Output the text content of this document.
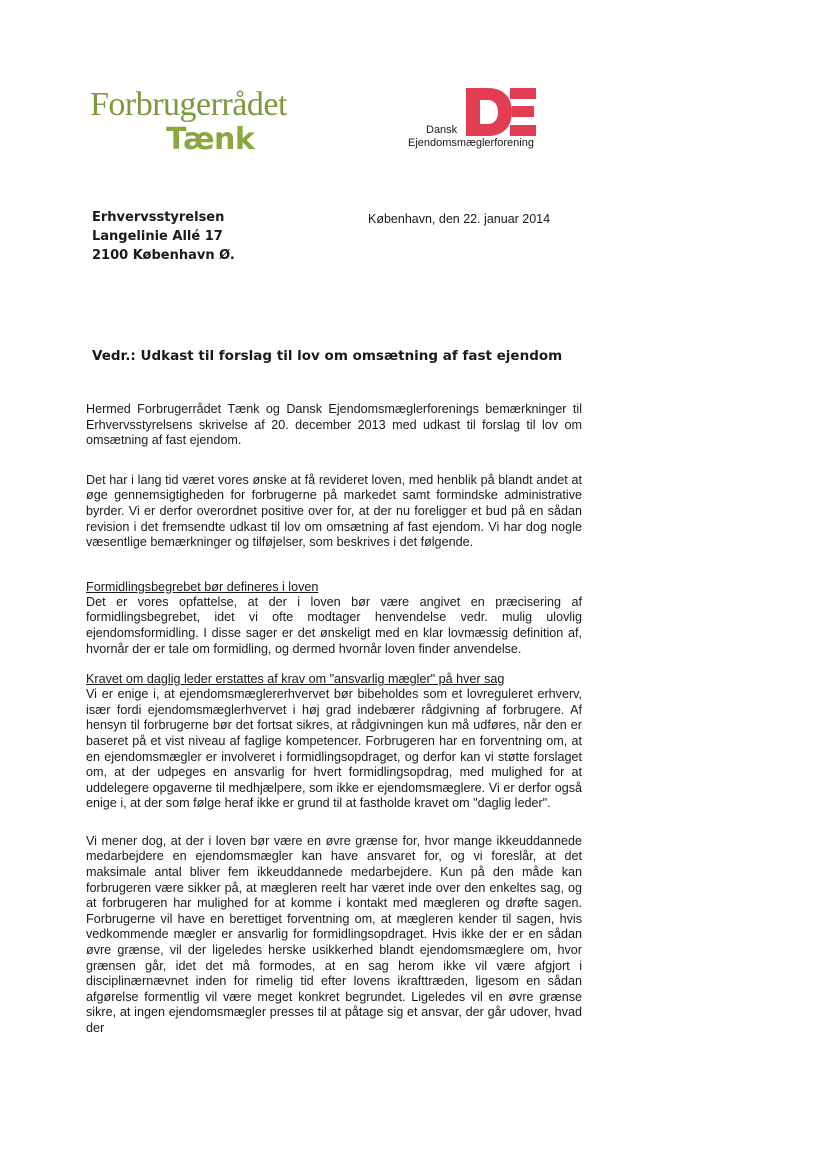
Forbrugerrådet
Tænk	Dansk
Ejendomsmæglerforening
Erhvervsstyrelsen
Langelinie Allé 17
2100 København Ø.
København, den 22. januar 2014
Vedr.: Udkast til forslag til lov om omsætning af fast ejendom

Hermed Forbrugerrådet Tænk og Dansk Ejendomsmæglerforenings bemærkninger til Erhvervsstyrelsens skrivelse af 20. december 2013 med udkast til forslag til lov om omsætning af fast ejendom.

Det har i lang tid været vores ønske at få revideret loven, med henblik på blandt andet at øge gennemsigtigheden for forbrugerne på markedet samt formindske administrative byrder. Vi er derfor overordnet positive over for, at der nu foreligger et bud på en sådan revision i det fremsendte udkast til lov om omsætning af fast ejendom. Vi har dog nogle væsentlige bemærkninger og tilføjelser, som beskrives i det følgende.

Formidlingsbegrebet bør defineres i loven

Det er vores opfattelse, at der i loven bør være angivet en præcisering af formidlingsbegrebet, idet vi ofte modtager henvendelse vedr. mulig ulovlig ejendomsformidling. I disse sager er det ønskeligt med en klar lovmæssig definition af, hvornår der er tale om formidling, og dermed hvornår loven finder anvendelse.

Kravet om daglig leder erstattes af krav om "ansvarlig mægler" på hver sag

Vi er enige i, at ejendomsmæglererhvervet bør bibeholdes som et lovreguleret erhverv, især fordi ejendomsmæglerhvervet i høj grad indebærer rådgivning af forbrugere. Af hensyn til forbrugerne bør det fortsat sikres, at rådgivningen kun må udføres, når den er baseret på et vist niveau af faglige kompetencer. Forbrugeren har en forventning om, at en ejendomsmægler er involveret i formidlingsopdraget, og derfor kan vi støtte forslaget om, at der udpeges en ansvarlig for hvert formidlingsopdrag, med mulighed for at uddelegere opgaverne til medhjælpere, som ikke er ejendomsmæglere. Vi er derfor også enige i, at der som følge heraf ikke er grund til at fastholde kravet om "daglig leder".

Vi mener dog, at der i loven bør være en øvre grænse for, hvor mange ikkeuddannede medarbejdere en ejendomsmægler kan have ansvaret for, og vi foreslår, at det maksimale antal bliver fem ikkeuddannede medarbejdere. Kun på den måde kan forbrugeren være sikker på, at mægleren reelt har været inde over den enkeltes sag, og at forbrugeren har mulighed for at komme i kontakt med mægleren og drøfte sagen. Forbrugerne vil have en berettiget forventning om, at mægleren kender til sagen, hvis vedkommende mægler er ansvarlig for formidlingsopdraget. Hvis ikke der er en sådan øvre grænse, vil der ligeledes herske usikkerhed blandt ejendomsmæglere om, hvor grænsen går, idet det må formodes, at en sag herom ikke vil være afgjort i disciplinærnævnet inden for rimelig tid efter lovens ikrafttræden, ligesom en sådan afgørelse formentlig vil være meget konkret begrundet. Ligeledes vil en øvre grænse sikre, at ingen ejendomsmægler presses til at påtage sig et ansvar, der går udover, hvad der
